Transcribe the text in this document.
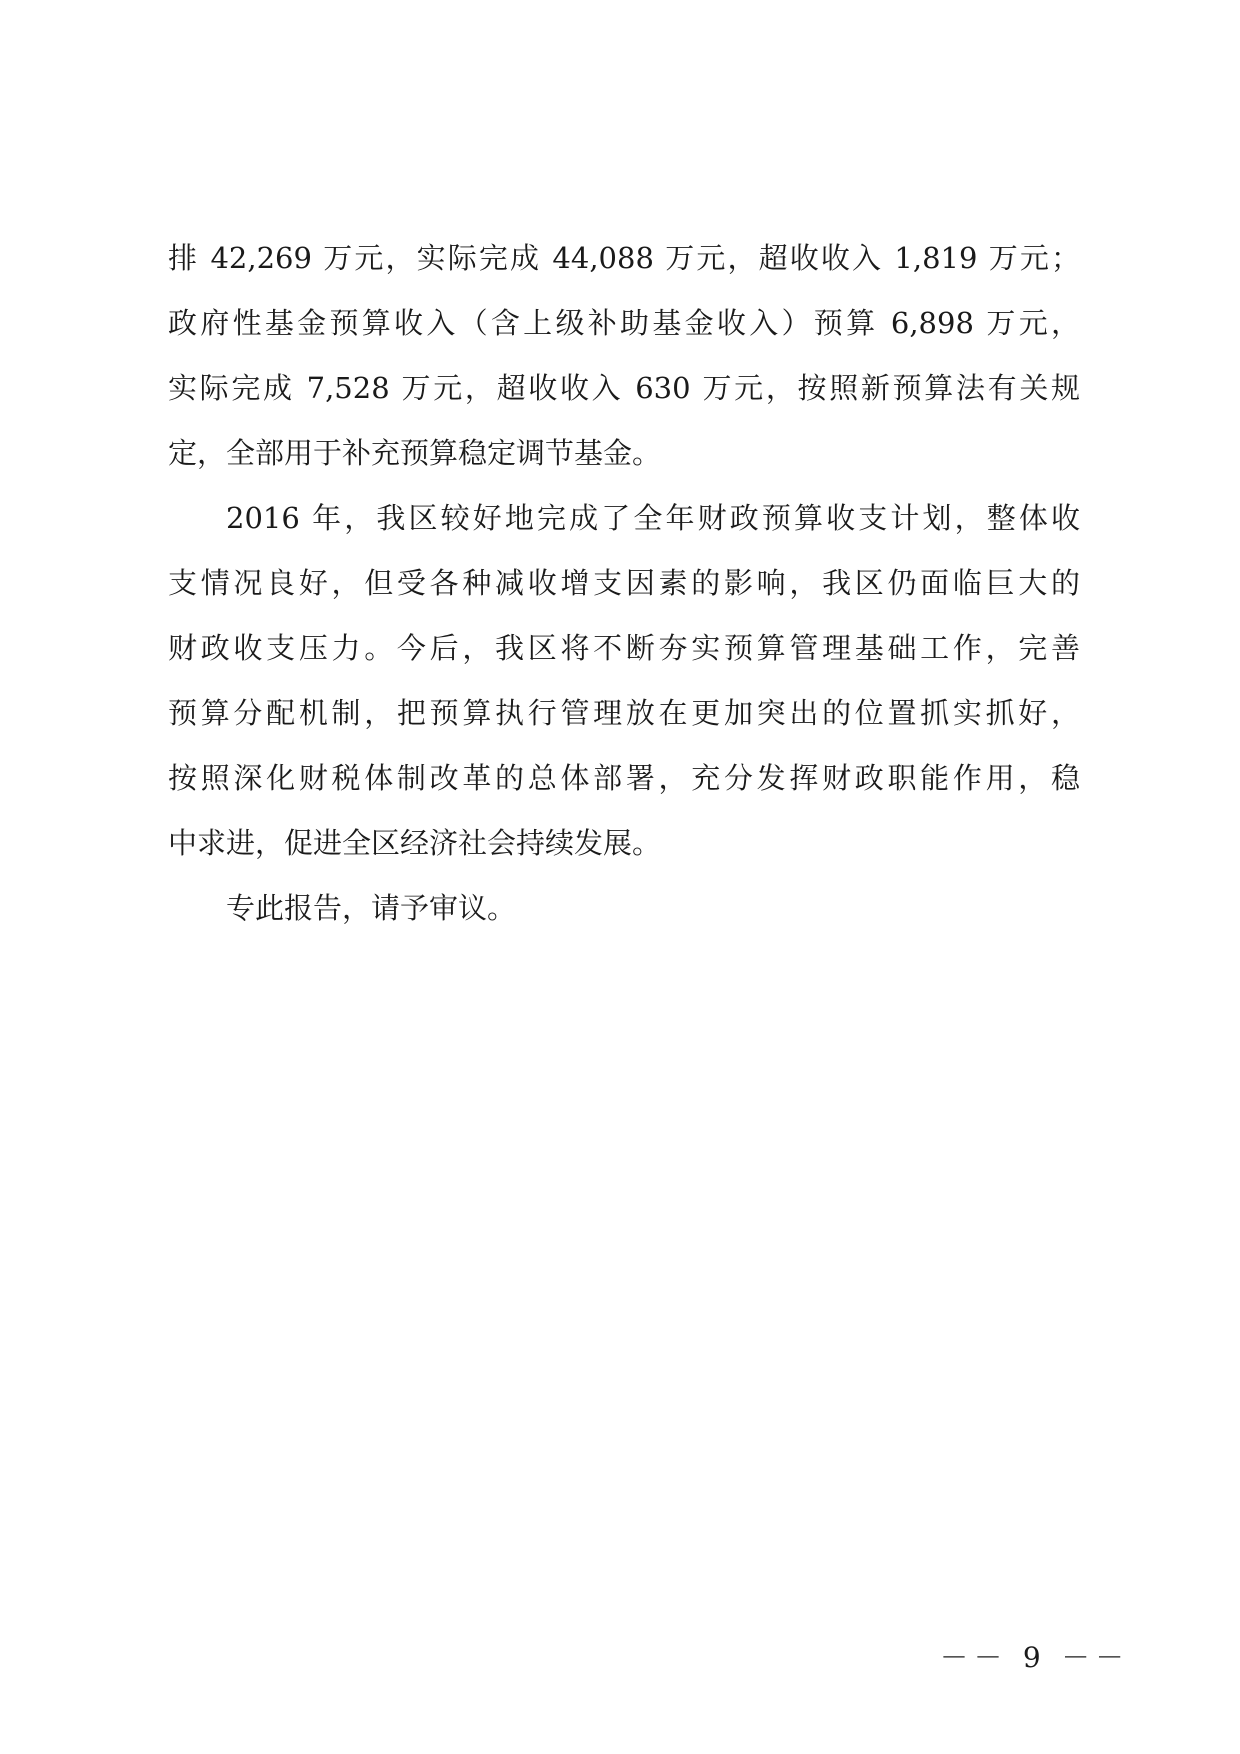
排 42,269 万元，实际完成 44,088 万元，超收收入 1,819 万元；
政府性基金预算收入（含上级补助基金收入）预算 6,898 万元，
实际完成 7,528 万元，超收收入 630 万元，按照新预算法有关规
定，全部用于补充预算稳定调节基金。
2016 年，我区较好地完成了全年财政预算收支计划，整体收
支情况良好，但受各种减收增支因素的影响，我区仍面临巨大的
财政收支压力。今后，我区将不断夯实预算管理基础工作，完善
预算分配机制，把预算执行管理放在更加突出的位置抓实抓好，
按照深化财税体制改革的总体部署，充分发挥财政职能作用，稳
中求进，促进全区经济社会持续发展。
专此报告，请予审议。
－－ 9 －－
